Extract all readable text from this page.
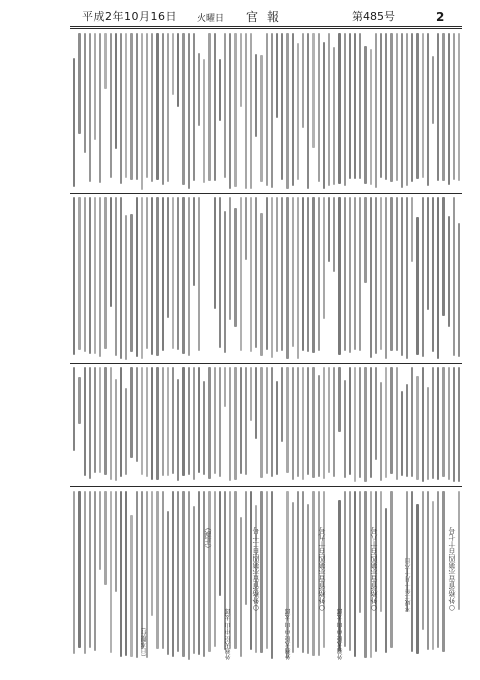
平成2年10月16日 火曜日 官報	第485号	2
○外務省告示第四百十七号
平成二年十月十六日
○外務省告示第四百十八号
外務大臣 中山 太郎
○外務省告示第四百十九号
外務大臣 中山 太郎
○外務省告示第四百二十号
外務大臣 中山 太郎
（正誤）
（日本銀行）
